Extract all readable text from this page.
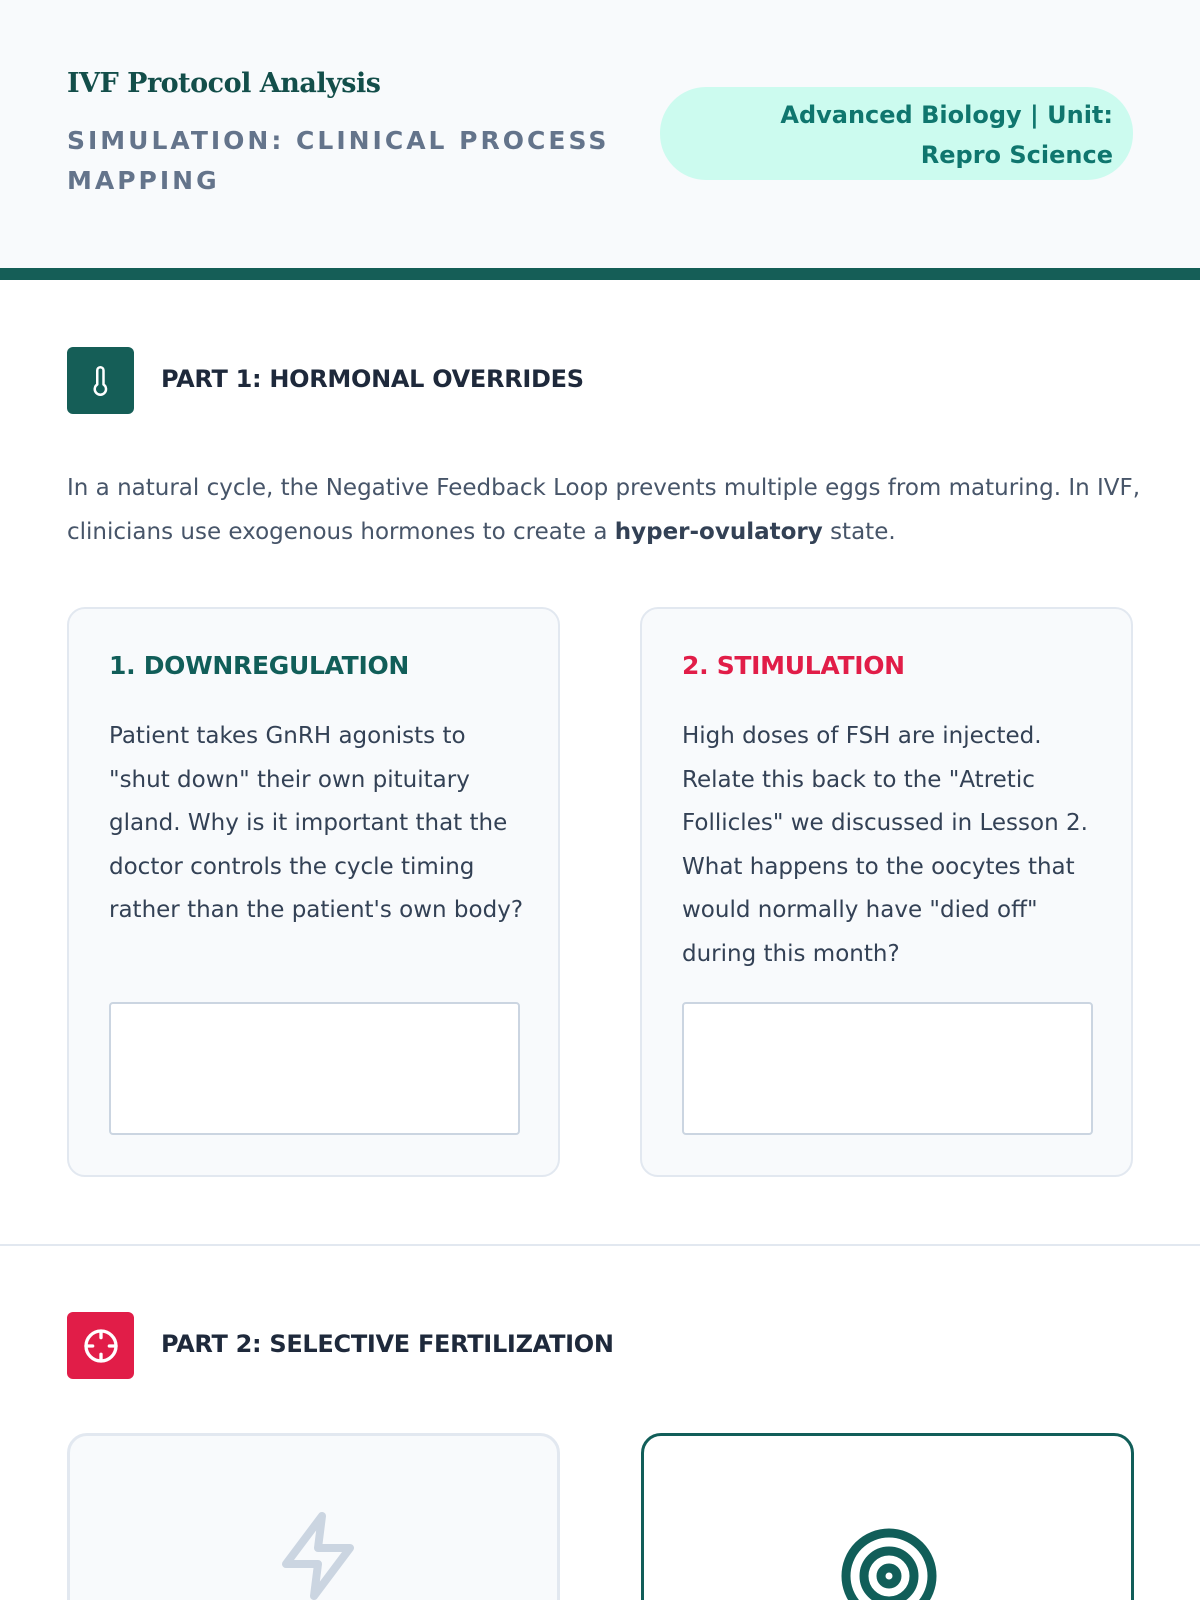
IVF Protocol Analysis
SIMULATION: CLINICAL PROCESS MAPPING
Advanced Biology | Unit: Repro Science
PART 1: HORMONAL OVERRIDES

In a natural cycle, the Negative Feedback Loop prevents multiple eggs from maturing. In IVF, clinicians use exogenous hormones to create a hyper-ovulatory state.

1. DOWNREGULATION
Patient takes GnRH agonists to "shut down" their own pituitary gland. Why is it important that the doctor controls the cycle timing rather than the patient's own body?
2. STIMULATION
High doses of FSH are injected. Relate this back to the "Atretic Follicles" we discussed in Lesson 2. What happens to the oocytes that would normally have "died off" during this month?
PART 2: SELECTIVE FERTILIZATION
